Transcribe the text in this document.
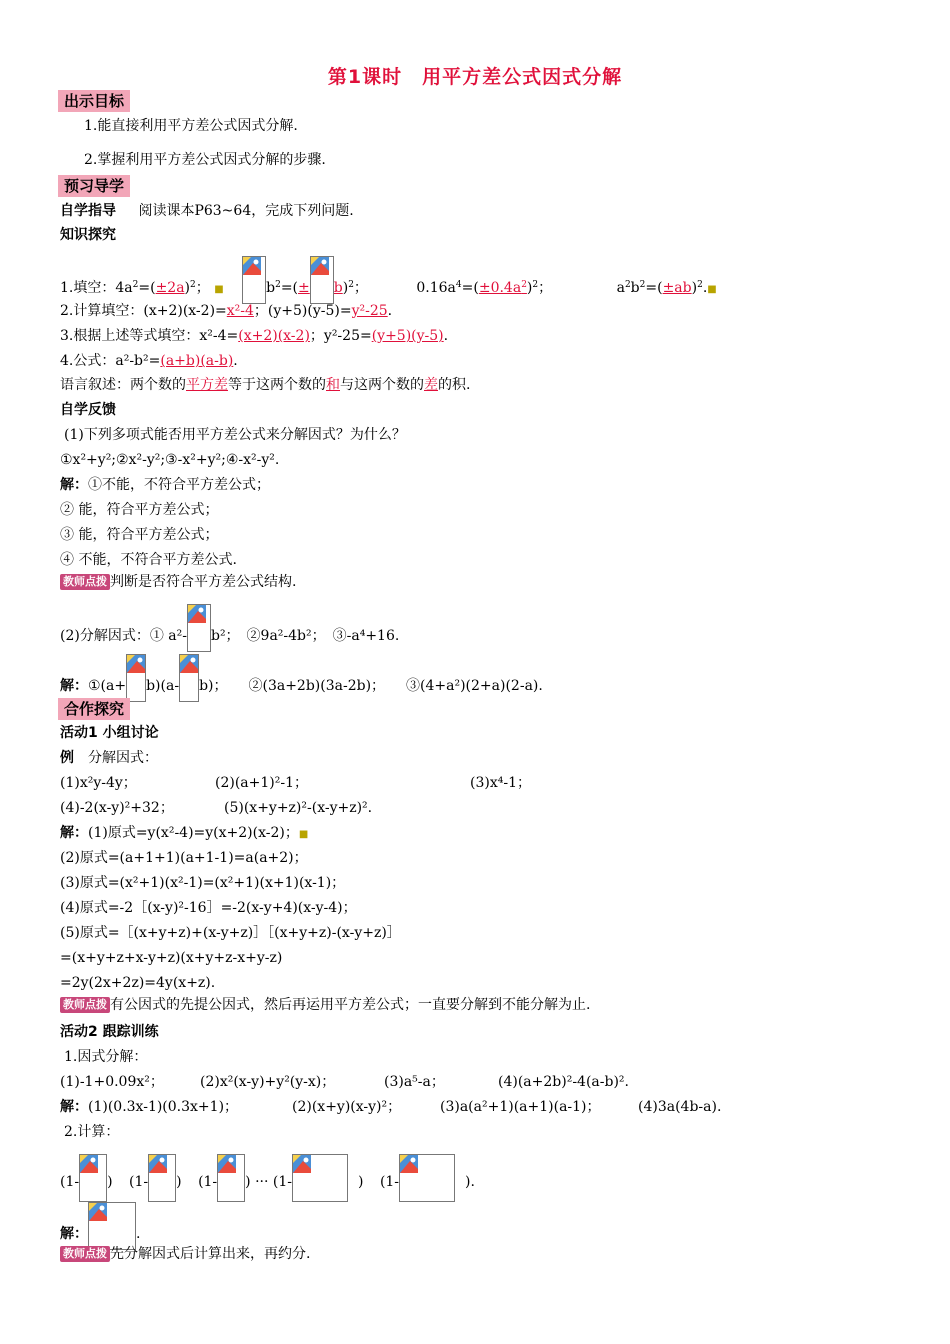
第1课时　用平方差公式因式分解
出示目标
1.能直接利用平方差公式因式分解.
2.掌握利用平方差公式因式分解的步骤.
预习导学
自学指导 阅读课本P63~64，完成下列问题.
知识探究
1.填空：$4a^2=(\pm 2a)^2$； ■	$b^2=(\pm b)^2$；	$0.16a^4=(\pm 0.4a^2)^2$；	$a^2b^2=(\pm ab)^2.■$
2.计算填空：(x+2)(x-2)=x²-4；(y+5)(y-5)=y²-25.
3.根据上述等式填空：x²-4=(x+2)(x-2)；y²-25=(y+5)(y-5).
4.公式：a²-b²=(a+b)(a-b).
语言叙述：两个数的平方差等于这两个数的和与这两个数的差的积.
自学反馈
(1)下列多项式能否用平方差公式来分解因式？为什么？
①x²+y²;②x²-y²;③-x²+y²;④-x²-y².
解：①不能，不符合平方差公式；
② 能，符合平方差公式；
③ 能，符合平方差公式；
④ 不能，不符合平方差公式.
教师点拨 判断是否符合平方差公式结构.
(2)分解因式：① a²- b²；　②9a²-4b²；　③-a⁴+16.
解：①(a+ b)(a- b)；　　②(3a+2b)(3a-2b)；　　③(4+a²)(2+a)(2-a).
合作探究
活动1 小组讨论
例 分解因式：
(1)x²y-4y；	(2)(a+1)²-1；	(3)x⁴-1；
(4)-2(x-y)²+32；	(5)(x+y+z)²-(x-y+z)².
解：(1)原式=y(x²-4)=y(x+2)(x-2)；■
(2)原式=(a+1+1)(a+1-1)=a(a+2)；
(3)原式=(x²+1)(x²-1)=(x²+1)(x+1)(x-1)；
(4)原式=-2［(x-y)²-16］=-2(x-y+4)(x-y-4)；
(5)原式=［(x+y+z)+(x-y+z)］［(x+y+z)-(x-y+z)］
=(x+y+z+x-y+z)(x+y+z-x+y-z)
=2y(2x+2z)=4y(x+z).
教师点拨 有公因式的先提公因式，然后再运用平方差公式；一直要分解到不能分解为止.
活动2 跟踪训练
1.因式分解：
(1)-1+0.09x²；	(2)x²(x-y)+y²(y-x)；	(3)a⁵-a；	(4)(a+2b)²-4(a-b)².
解：(1)(0.3x-1)(0.3x+1)；	(2)(x+y)(x-y)²；	(3)a(a²+1)(a+1)(a-1)；	(4)3a(4b-a).
2.计算：
(1- ) (1- ) (1- ) ··· (1-	) (1-	).
解：	.
教师点拨 先分解因式后计算出来，再约分.
